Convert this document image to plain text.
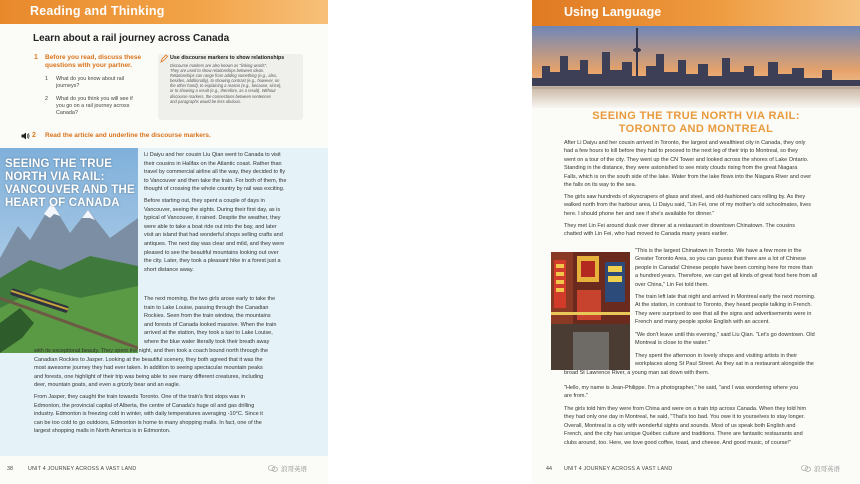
Reading and Thinking
Learn about a rail journey across Canada
1 Before you read, discuss these
questions with your partner.
1 What do you know about rail
journeys?
2 What do you think you will see if
you go on a rail journey across
Canada?
Use discourse markers to show relationships
Discourse markers are also known as "linking words".
They are used to show relationships between ideas.
Relationships can range from adding something (e.g., also,
besides, additionally), to showing contrast (e.g., however, on
the other hand), to explaining a reason (e.g., because, since),
or to showing a result (e.g., therefore, as a result). Without
discourse markers, the connections between sentences
and paragraphs would be less obvious.
2 Read the article and underline the discourse markers.
SEEING THE TRUE
NORTH VIA RAIL:
VANCOUVER AND THE
HEART OF CANADA
Li Daiyu and her cousin Liu Qian went to Canada to visit
their cousins in Halifax on the Atlantic coast. Rather than
travel by commercial airline all the way, they decided to fly
to Vancouver and then take the train. For both of them, the
thought of crossing the whole country by rail was exciting.
Before starting out, they spent a couple of days in
Vancouver, seeing the sights. During their first day, as is
typical of Vancouver, it rained. Despite the weather, they
were able to take a boat ride out into the bay, and later
visit an island that had wonderful shops selling crafts and
antiques. The next day was clear and mild, and they were
pleased to see the beautiful mountains looking out over
the city. Later, they took a pleasant hike in a forest just a
short distance away.
The next morning, the two girls arose early to take the
train to Lake Louise, passing through the Canadian
Rockies. Seen from the train window, the mountains
and forests of Canada looked massive. When the train
arrived at the station, they took a taxi to Lake Louise,
where the blue water literally took their breath away
with its exceptional beauty. They spent the night, and then took a coach bound north through the
Canadian Rockies to Jasper. Looking at the beautiful scenery, they both agreed that it was the
most awesome journey they had ever taken. In addition to seeing spectacular mountain peaks
and forests, one highlight of their trip was being able to see many different creatures, including
deer, mountain goats, and even a grizzly bear and an eagle.
From Jasper, they caught the train towards Toronto. One of the train's first stops was in
Edmonton, the provincial capital of Alberta, the centre of Canada's huge oil and gas drilling
industry. Edmonton is freezing cold in winter, with daily temperatures averaging -10°C. Since it
can be too cold to go outdoors, Edmonton is home to many shopping malls. In fact, one of the
largest shopping malls in North America is in Edmonton.
38	UNIT 4 JOURNEY ACROSS A VAST LAND	浪哥英语
Using Language
SEEING THE TRUE NORTH VIA RAIL:
TORONTO AND MONTREAL
After Li Daiyu and her cousin arrived in Toronto, the largest and wealthiest city in Canada, they only
had a few hours to kill before they had to proceed to the next leg of their trip to Montreal, so they
went on a tour of the city. They went up the CN Tower and looked across the shores of Lake Ontario.
Standing in the distance, they were astonished to see misty clouds rising from the great Niagara
Falls, which is on the south side of the lake. Water from the lake flows into the Niagara River and over
the falls on its way to the sea.
The girls saw hundreds of skyscrapers of glass and steel, and old-fashioned cars rolling by. As they
walked north from the harbour area, Li Daiyu said, "Lin Fei, one of my mother's old schoolmates, lives
here. I should phone her and see if she's available for dinner."
They met Lin Fei around dusk over dinner at a restaurant in downtown Chinatown. The cousins
chatted with Lin Fei, who had moved to Canada many years earlier.
"This is the largest Chinatown in Toronto. We have a few more in the
Greater Toronto Area, so you can guess that there are a lot of Chinese
people in Canada! Chinese people have been coming here for more than
a hundred years. Therefore, we can get all kinds of great food here from all
over China," Lin Fei told them.
The train left late that night and arrived in Montreal early the next morning.
At the station, in contrast to Toronto, they heard people talking in French.
They were surprised to see that all the signs and advertisements were in
French and many people spoke English with an accent.
"We don't leave until this evening," said Liu Qian. "Let's go downtown. Old
Montreal is close to the water."
They spent the afternoon in lovely shops and visiting artists in their
workplaces along St Paul Street. As they sat in a restaurant alongside the
broad St Lawrence River, a young man sat down with them.
"Hello, my name is Jean-Philippe. I'm a photographer," he said, "and I was wondering where you
are from."
The girls told him they were from China and were on a train trip across Canada. When they told him
they had only one day in Montreal, he said, "That's too bad. You owe it to yourselves to stay longer.
Overall, Montreal is a city with wonderful sights and sounds. Most of us speak both English and
French, and the city has unique Québec culture and traditions. There are fantastic restaurants and
clubs around, too. Here, we love good coffee, toast, and cheese. And good music, of course!"
44 UNIT 4 JOURNEY ACROSS A VAST LAND	浪哥英语
